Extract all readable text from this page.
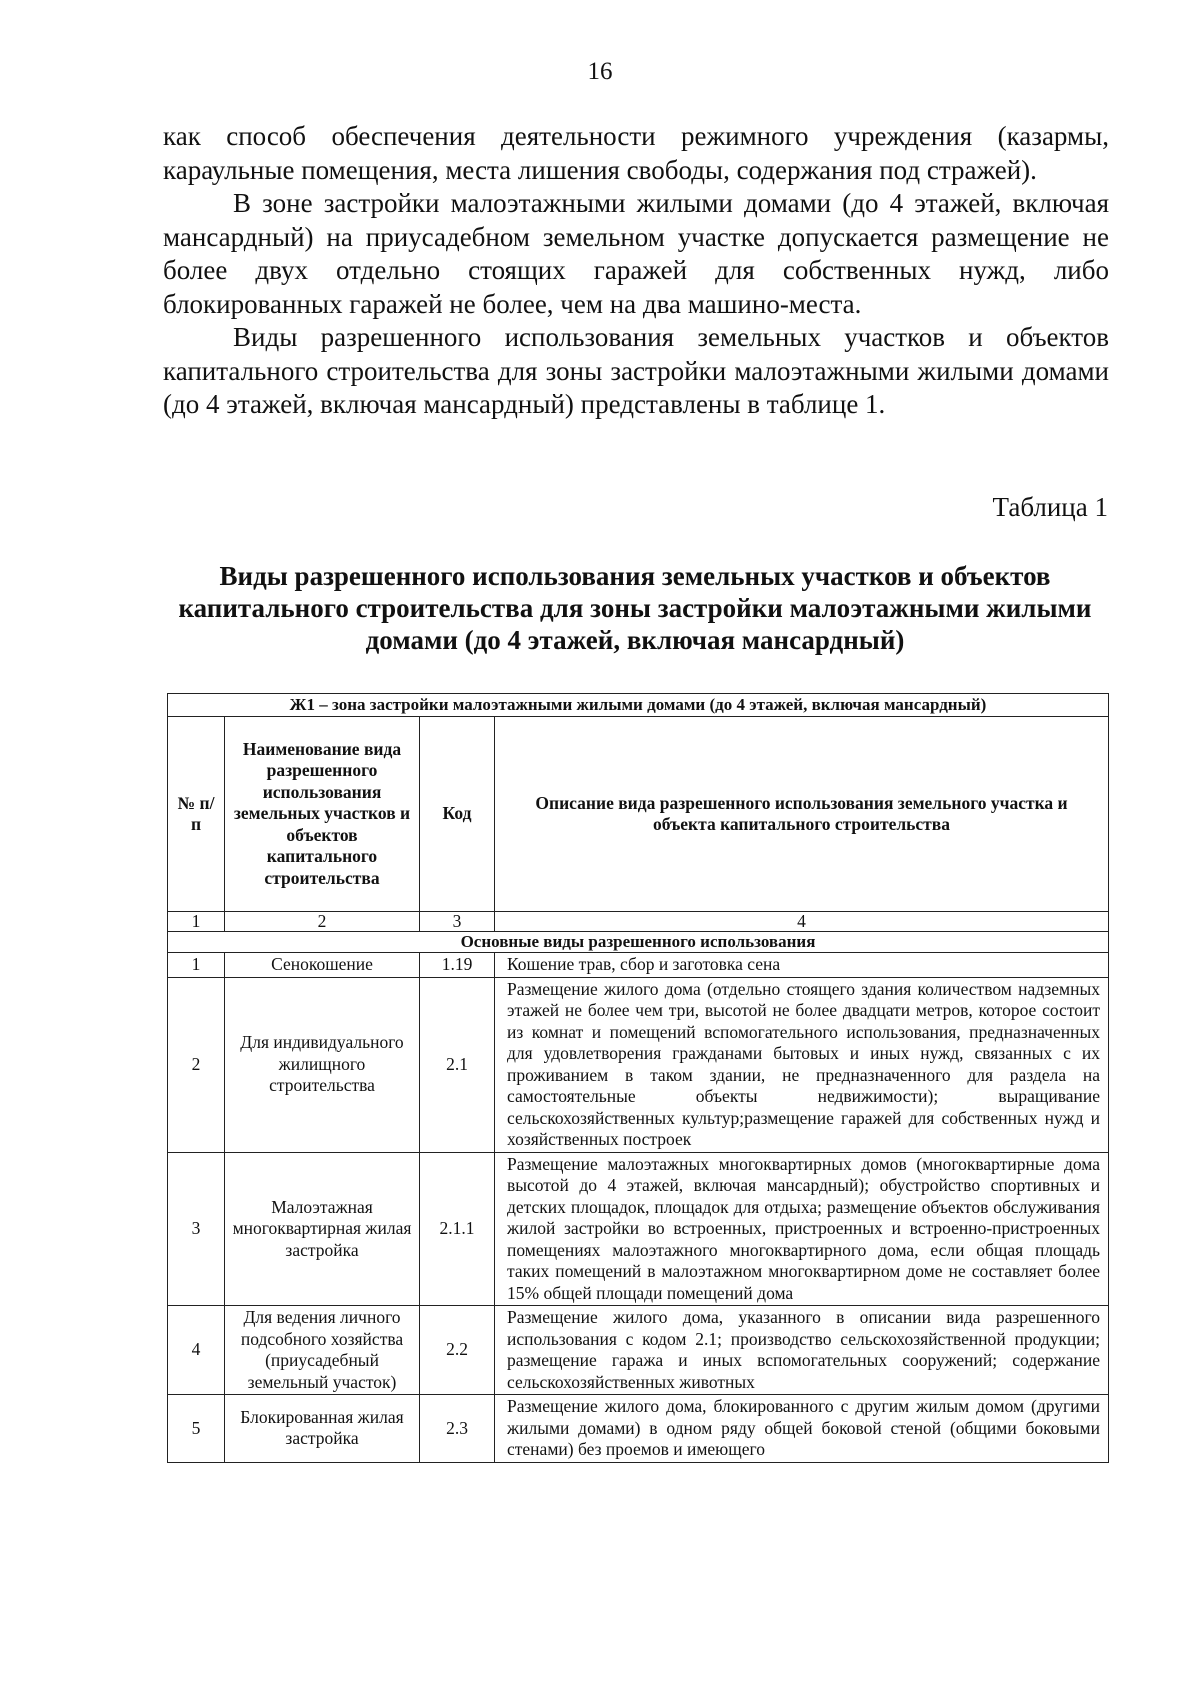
16

как способ обеспечения деятельности режимного учреждения (казармы, караульные помещения, места лишения свободы, содержания под стражей).

В зоне застройки малоэтажными жилыми домами (до 4 этажей, включая мансардный) на приусадебном земельном участке допускается размещение не более двух отдельно стоящих гаражей для собственных нужд, либо блокированных гаражей не более, чем на два машино-места.

Виды разрешенного использования земельных участков и объектов капитального строительства для зоны застройки малоэтажными жилыми домами (до 4 этажей, включая мансардный) представлены в таблице 1.

Таблица 1
Виды разрешенного использования земельных участков и объектов капитального строительства для зоны застройки малоэтажными жилыми домами (до 4 этажей, включая мансардный)
Ж1 – зона застройки малоэтажными жилыми домами (до 4 этажей, включая мансардный)			
№ п/п	Наименование вида разрешенного использования земельных участков и объектов капитального строительства	Код	Описание вида разрешенного использования земельного участка и объекта капитального строительства
1	2	3	4
Основные виды разрешенного использования			
1	Сенокошение	1.19	Кошение трав, сбор и заготовка сена
2	Для индивидуального жилищного строительства	2.1	Размещение жилого дома (отдельно стоящего здания количеством надземных этажей не более чем три, высотой не более двадцати метров, которое состоит из комнат и помещений вспомогательного использования, предназначенных для удовлетворения гражданами бытовых и иных нужд, связанных с их проживанием в таком здании, не предназначенного для раздела на самостоятельные объекты недвижимости); выращивание сельскохозяйственных культур;размещение гаражей для собственных нужд и хозяйственных построек
3	Малоэтажная многоквартирная жилая застройка	2.1.1	Размещение малоэтажных многоквартирных домов (многоквартирные дома высотой до 4 этажей, включая мансардный); обустройство спортивных и детских площадок, площадок для отдыха; размещение объектов обслуживания жилой застройки во встроенных, пристроенных и встроенно-пристроенных помещениях малоэтажного многоквартирного дома, если общая площадь таких помещений в малоэтажном многоквартирном доме не составляет более 15% общей площади помещений дома
4	Для ведения личного подсобного хозяйства (приусадебный земельный участок)	2.2	Размещение жилого дома, указанного в описании вида разрешенного использования с кодом 2.1; производство сельскохозяйственной продукции; размещение гаража и иных вспомогательных сооружений; содержание сельскохозяйственных животных
5	Блокированная жилая застройка	2.3	Размещение жилого дома, блокированного с другим жилым домом (другими жилыми домами) в одном ряду общей боковой стеной (общими боковыми стенами) без проемов и имеющего
